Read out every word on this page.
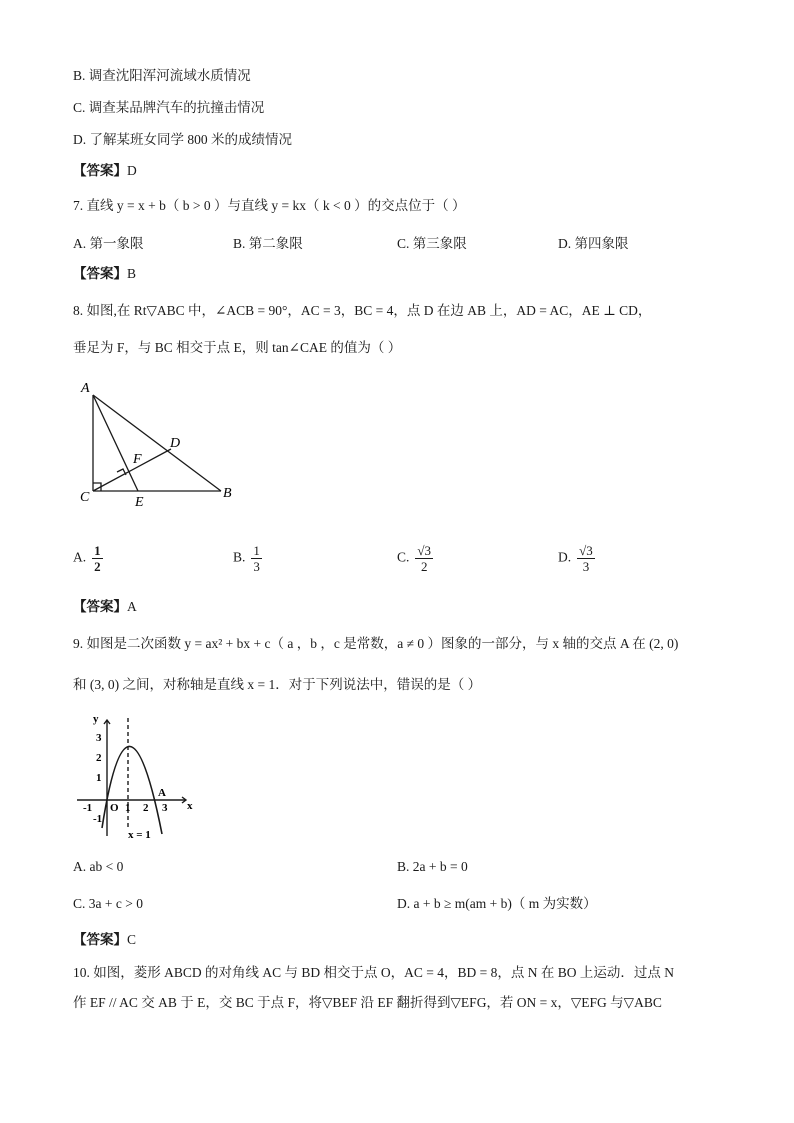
B. 调查沈阳浑河流域水质情况
C. 调查某品牌汽车的抗撞击情况
D. 了解某班女同学 800 米的成绩情况
【答案】D
7. 直线 y = x + b（ b > 0 ）与直线 y = kx（ k < 0 ）的交点位于（ ）
A. 第一象限	B. 第二象限	C. 第三象限	D. 第四象限
【答案】B
8. 如图,在 Rt▽ABC 中，∠ACB = 90°，AC = 3，BC = 4，点 D 在边 AB 上，AD = AC，AE ⊥ CD，
垂足为 F，与 BC 相交于点 E，则 tan∠CAE 的值为（ ）
A
B
C
D
E
F
A. $\frac{1}{2}$	B. $\frac{1}{3}$	C. $\frac{√3}{2}$	D. $\frac{√3}{3}$
【答案】A
9. 如图是二次函数 y = ax² + bx + c（ a ，b ，c 是常数，a ≠ 0 ）图象的一部分，与 x 轴的交点 A 在 (2, 0)
和 (3, 0) 之间，对称轴是直线 x = 1．对于下列说法中，错误的是（ ）
y
x
3
2
1
-1
-1 O 1 2 3
A
x = 1
A. ab < 0	B. 2a + b = 0
C. 3a + c > 0	D. a + b ≥ m(am + b)（ m 为实数）
【答案】C
10. 如图，菱形 ABCD 的对角线 AC 与 BD 相交于点 O，AC = 4，BD = 8，点 N 在 BO 上运动．过点 N
作 EF // AC 交 AB 于 E，交 BC 于点 F，将▽BEF 沿 EF 翻折得到▽EFG，若 ON = x，▽EFG 与▽ABC
